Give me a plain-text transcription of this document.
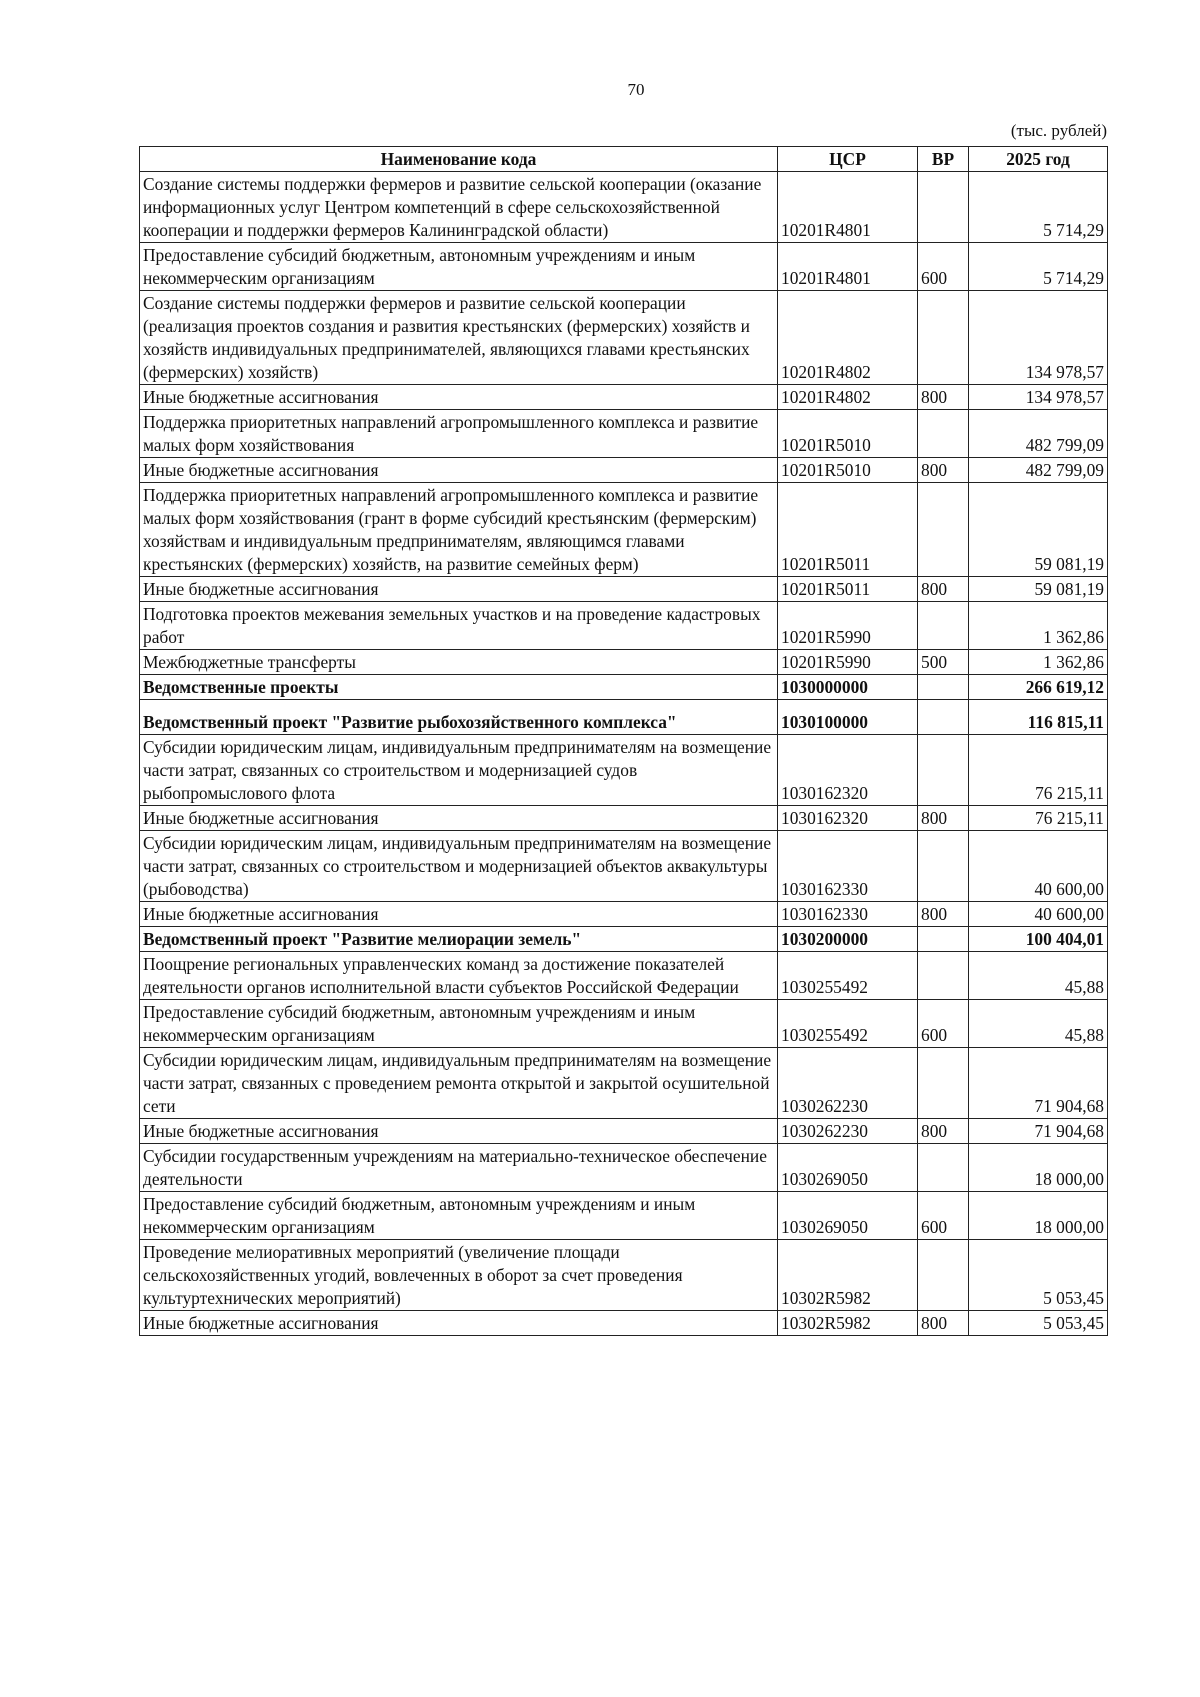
70
(тыс. рублей)
Наименование кода	ЦСР	ВР	2025 год
Создание системы поддержки фермеров и развитие сельской кооперации (оказание информационных услуг Центром компетенций в сфере сельскохозяйственной кооперации и поддержки фермеров Калининградской области)	10201R4801		5 714,29
Предоставление субсидий бюджетным, автономным учреждениям и иным некоммерческим организациям	10201R4801	600	5 714,29
Создание системы поддержки фермеров и развитие сельской кооперации (реализация проектов создания и развития крестьянских (фермерских) хозяйств и хозяйств индивидуальных предпринимателей, являющихся главами крестьянских (фермерских) хозяйств)	10201R4802		134 978,57
Иные бюджетные ассигнования	10201R4802	800	134 978,57
Поддержка приоритетных направлений агропромышленного комплекса и развитие малых форм хозяйствования	10201R5010		482 799,09
Иные бюджетные ассигнования	10201R5010	800	482 799,09
Поддержка приоритетных направлений агропромышленного комплекса и развитие малых форм хозяйствования (грант в форме субсидий крестьянским (фермерским) хозяйствам и индивидуальным предпринимателям, являющимся главами крестьянских (фермерских) хозяйств, на развитие семейных ферм)	10201R5011		59 081,19
Иные бюджетные ассигнования	10201R5011	800	59 081,19
Подготовка проектов межевания земельных участков и на проведение кадастровых работ	10201R5990		1 362,86
Межбюджетные трансферты	10201R5990	500	1 362,86
Ведомственные проекты	1030000000		266 619,12
Ведомственный проект "Развитие рыбохозяйственного комплекса"	1030100000		116 815,11
Субсидии юридическим лицам, индивидуальным предпринимателям на возмещение части затрат, связанных со строительством и модернизацией судов рыбопромыслового флота	1030162320		76 215,11
Иные бюджетные ассигнования	1030162320	800	76 215,11
Субсидии юридическим лицам, индивидуальным предпринимателям на возмещение части затрат, связанных со строительством и модернизацией объектов аквакультуры (рыбоводства)	1030162330		40 600,00
Иные бюджетные ассигнования	1030162330	800	40 600,00
Ведомственный проект "Развитие мелиорации земель"	1030200000		100 404,01
Поощрение региональных управленческих команд за достижение показателей деятельности органов исполнительной власти субъектов Российской Федерации	1030255492		45,88
Предоставление субсидий бюджетным, автономным учреждениям и иным некоммерческим организациям	1030255492	600	45,88
Субсидии юридическим лицам, индивидуальным предпринимателям на возмещение части затрат, связанных с проведением ремонта открытой и закрытой осушительной сети	1030262230		71 904,68
Иные бюджетные ассигнования	1030262230	800	71 904,68
Субсидии государственным учреждениям на материально-техническое обеспечение деятельности	1030269050		18 000,00
Предоставление субсидий бюджетным, автономным учреждениям и иным некоммерческим организациям	1030269050	600	18 000,00
Проведение мелиоративных мероприятий (увеличение площади сельскохозяйственных угодий, вовлеченных в оборот за счет проведения культуртехнических мероприятий)	10302R5982		5 053,45
Иные бюджетные ассигнования	10302R5982	800	5 053,45
